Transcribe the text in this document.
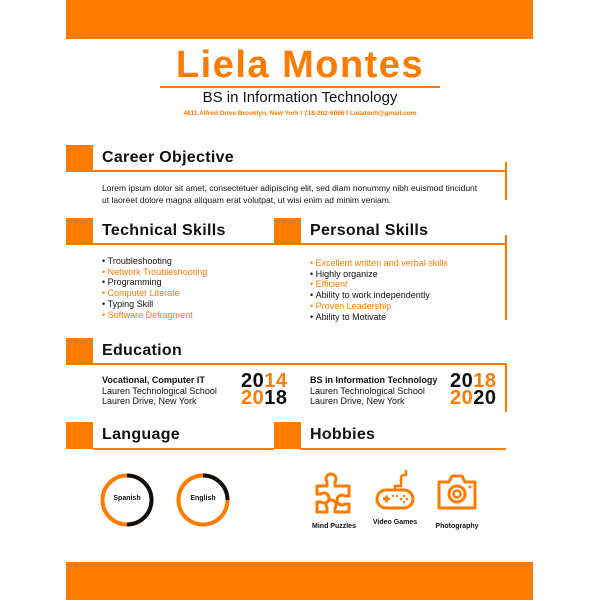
Liela Montes
BS in Information Technology
4811 Alfred Drive Brooklyn, New York I 718-202-6066 I Lielatech@gmail.com
Career Objective
Lorem ipsum dolor sit amet, consectetuer adipiscing elit, sed diam nonummy nibh euismod tincidunt ut laoreet dolore magna aliquam erat volutpat, ut wisi enim ad minim veniam.
Technical Skills
• Troubleshooting
• Network Troubleshooting
• Programming
• Computer Literate
• Typing Skill
• Software Defragment
Personal Skills
• Excellent written and verbal skills
• Highly organize
• Efficient
• Ability to work independently
• Proven Leadership
• Ability to Motivate
Education
Vocational, Computer IT
Lauren Technological School
Lauren Drive, New York
2014
2018
BS in Information Technology
Lauren Technological School
Lauren Drive, New York
2018
2020
Language
Spanish	English
Hobbies
Mind Puzzles
Video Games
Photography
